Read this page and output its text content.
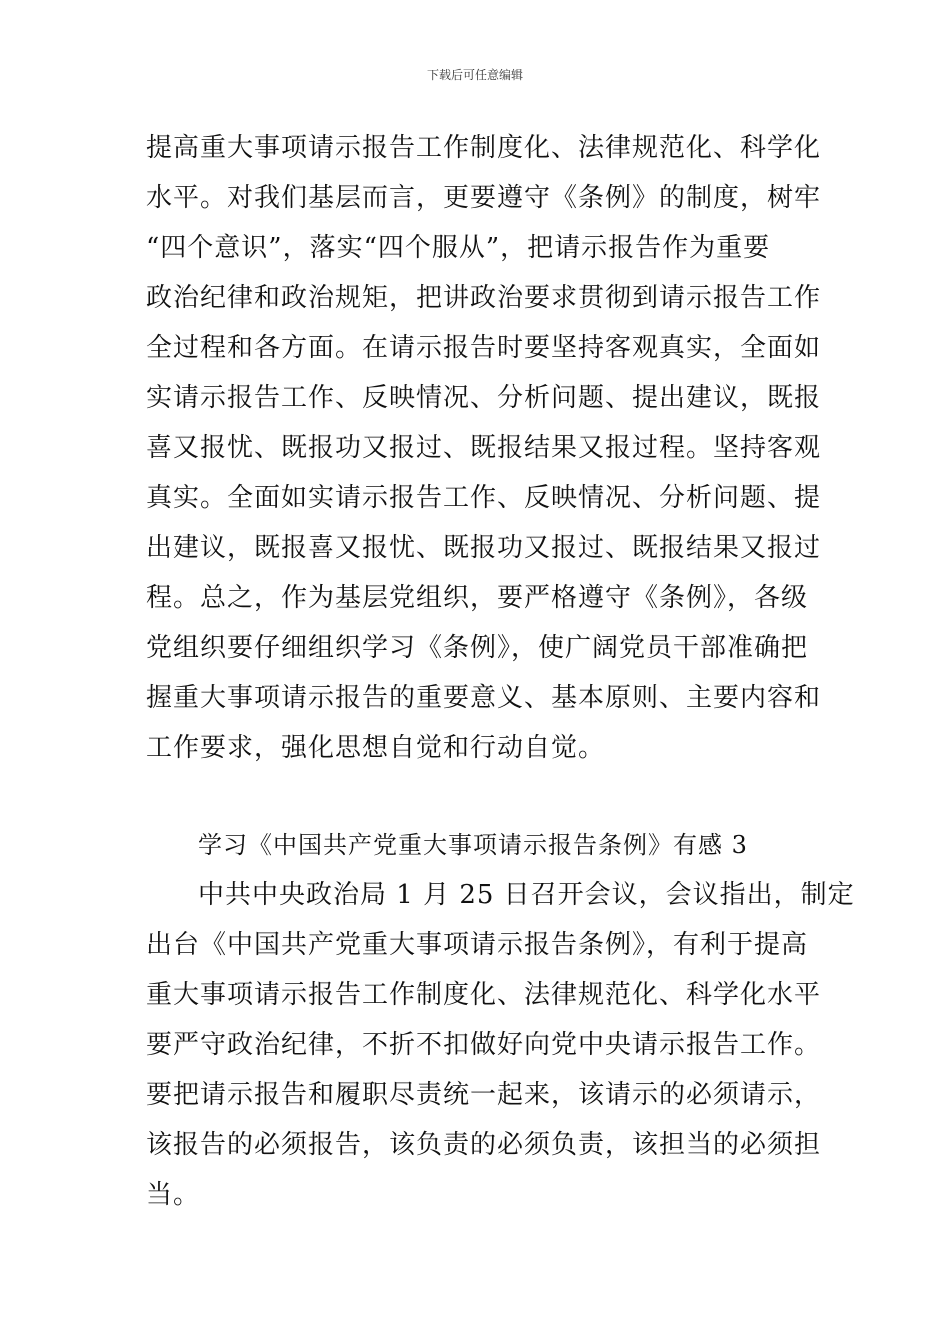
下载后可任意编辑
提高重大事项请示报告工作制度化、法律规范化、科学化
水平。对我们基层而言，更要遵守《条例》的制度，树牢
“四个意识”，落实“四个服从”，把请示报告作为重要
政治纪律和政治规矩，把讲政治要求贯彻到请示报告工作
全过程和各方面。在请示报告时要坚持客观真实，全面如
实请示报告工作、反映情况、分析问题、提出建议，既报
喜又报忧、既报功又报过、既报结果又报过程。坚持客观
真实。全面如实请示报告工作、反映情况、分析问题、提
出建议，既报喜又报忧、既报功又报过、既报结果又报过
程。总之，作为基层党组织，要严格遵守《条例》，各级
党组织要仔细组织学习《条例》，使广阔党员干部准确把
握重大事项请示报告的重要意义、基本原则、主要内容和
工作要求，强化思想自觉和行动自觉。
学习《中国共产党重大事项请示报告条例》有感 3
中共中央政治局 1 月 25 日召开会议，会议指出，制定
出台《中国共产党重大事项请示报告条例》，有利于提高
重大事项请示报告工作制度化、法律规范化、科学化水平
要严守政治纪律，不折不扣做好向党中央请示报告工作。
要把请示报告和履职尽责统一起来，该请示的必须请示，
该报告的必须报告，该负责的必须负责，该担当的必须担
当。
